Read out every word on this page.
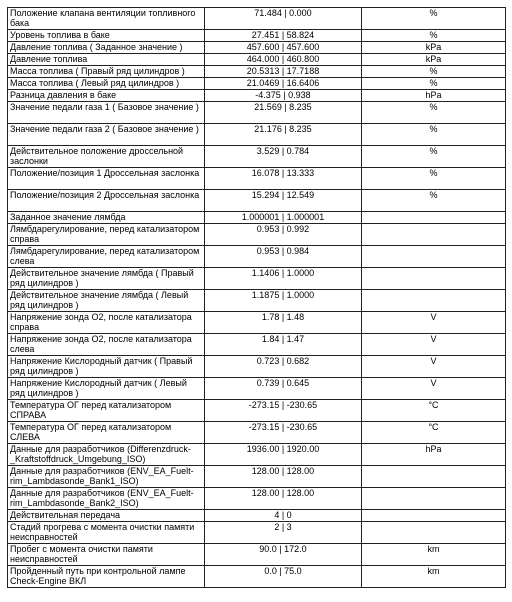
Положение клапана вентиляции топливного бака	71.484 | 0.000	%
Уровень топлива в баке	27.451 | 58.824	%
Давление топлива ( Заданное значение )	457.600 | 457.600	kPa
Давление топлива	464.000 | 460.800	kPa
Масса топлива ( Правый ряд цилиндров )	20.5313 | 17.7188	%
Масса топлива ( Левый ряд цилиндров )	21.0469 | 16.6406	%
Разница давления в баке	-4.375 | 0.938	hPa
Значение педали газа 1 ( Базовое значение )	21.569 | 8.235	%
Значение педали газа 2 ( Базовое значение )	21.176 | 8.235	%
Действительное положение дроссельной заслонки	3.529 | 0.784	%
Положение/позиция 1 Дроссельная заслонка	16.078 | 13.333	%
Положение/позиция 2 Дроссельная заслонка	15.294 | 12.549	%
Заданное значение лямбда	1.000001 | 1.000001	
Лямбдарегулирование, перед катализатором справа	0.953 | 0.992	
Лямбдарегулирование, перед катализатором слева	0.953 | 0.984	
Действительное значение лямбда ( Правый ряд цилиндров )	1.1406 | 1.0000	
Действительное значение лямбда ( Левый ряд цилиндров )	1.1875 | 1.0000	
Напряжение зонда О2, после катализатора справа	1.78 | 1.48	V
Напряжение зонда О2, после катализатора слева	1.84 | 1.47	V
Напряжение Кислородный датчик ( Правый ряд цилиндров )	0.723 | 0.682	V
Напряжение Кислородный датчик ( Левый ряд цилиндров )	0.739 | 0.645	V
Температура ОГ перед катализатором СПРАВА	-273.15 | -230.65	°C
Температура ОГ перед катализатором СЛЕВА	-273.15 | -230.65	°C
Данные для разработчиков (Differenzdruck-_Kraftstoffdruck_Umgebung_ISO)	1936.00 | 1920.00	hPa
Данные для разработчиков (ENV_EA_Fuelt-rim_Lambdasonde_Bank1_ISO)	128.00 | 128.00	
Данные для разработчиков (ENV_EA_Fuelt-rim_Lambdasonde_Bank2_ISO)	128.00 | 128.00	
Действительная передача	4 | 0	
Стадий прогрева с момента очистки памяти неисправностей	2 | 3	
Пробег с момента очистки памяти неисправностей	90.0 | 172.0	km
Пройденный путь при контрольной лампе Check-Engine ВКЛ	0.0 | 75.0	km
